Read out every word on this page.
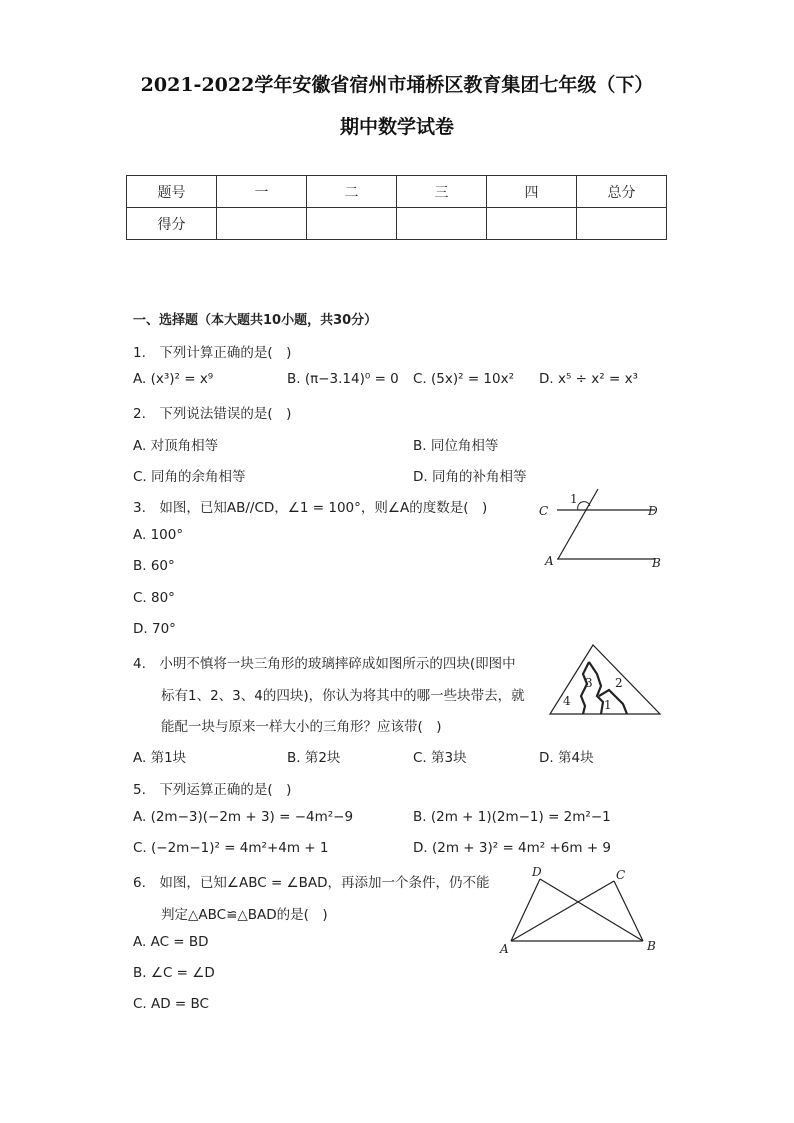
2021-2022学年安徽省宿州市埇桥区教育集团七年级（下）
期中数学试卷
题号	一	二	三	四	总分
得分					
一、选择题（本大题共10小题，共30分）
1.　下列计算正确的是(　)
A. (x³)² = x⁹	B. (π−3.14)⁰ = 0 C. (5x)² = 10x² D. x⁵ ÷ x² = x³
2.　下列说法错误的是(　)
A. 对顶角相等	B. 同位角相等
C. 同角的余角相等	D. 同角的补角相等
3.　如图，已知AB//CD，∠1 = 100°，则∠A的度数是(　)
A. 100°
B. 60°
C. 80°
D. 70°
C
1
D
A	B
4.　小明不慎将一块三角形的玻璃摔碎成如图所示的四块(即图中
标有1、2、3、4的四块)，你认为将其中的哪一些块带去，就
能配一块与原来一样大小的三角形？应该带(　)
A. 第1块	B. 第2块	C. 第3块	D. 第4块
3 2
4	1
5.　下列运算正确的是(　)
A. (2m−3)(−2m + 3) = −4m²−9	B. (2m + 1)(2m−1) = 2m²−1
C. (−2m−1)² = 4m²+4m + 1	D. (2m + 3)² = 4m² +6m + 9
6.　如图，已知∠ABC = ∠BAD，再添加一个条件，仍不能
判定△ABC≌△BAD的是(　)
A. AC = BD
B. ∠C = ∠D
C. AD = BC
D	C
A	B
